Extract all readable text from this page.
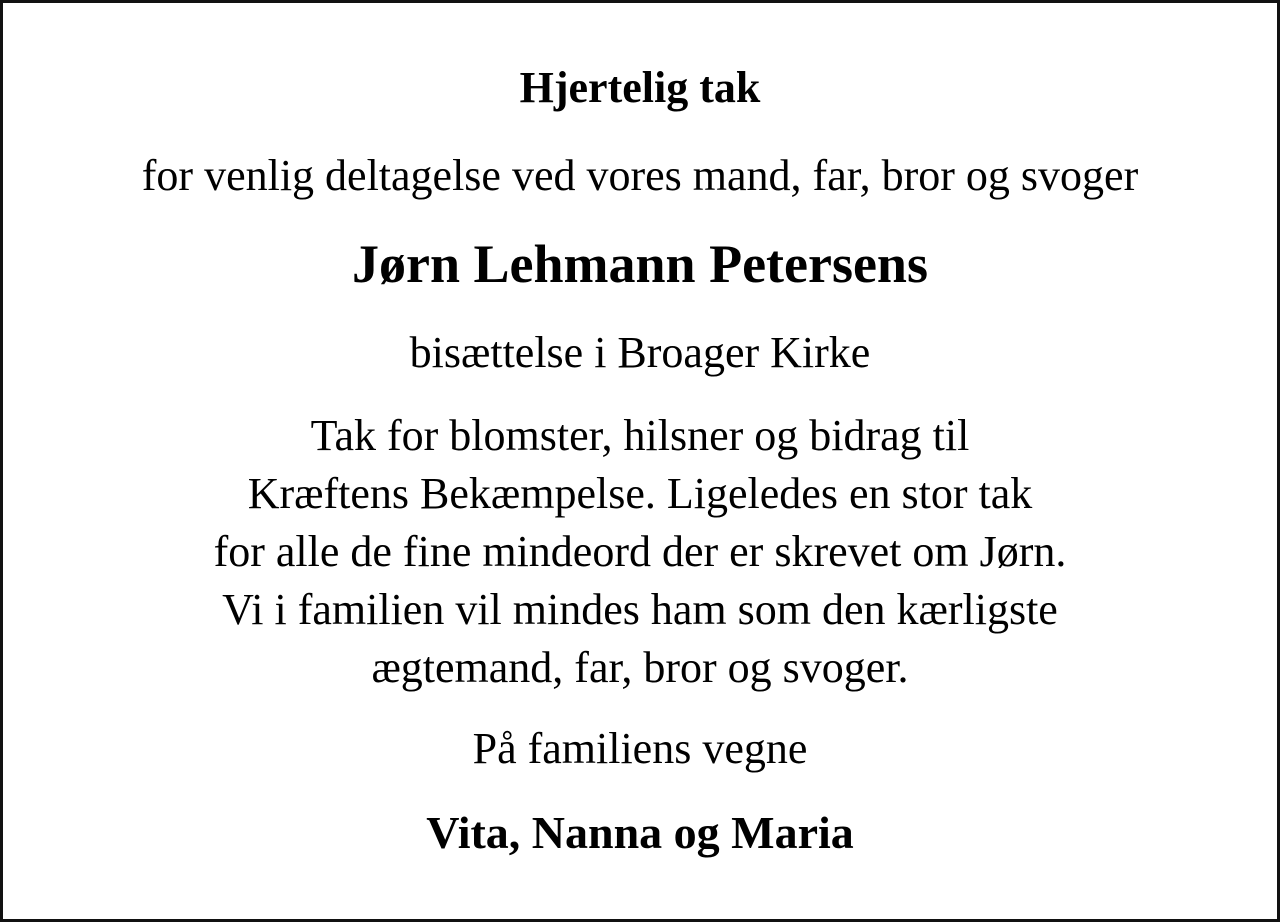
Hjertelig tak
for venlig deltagelse ved vores mand, far, bror og svoger
Jørn Lehmann Petersens
bisættelse i Broager Kirke
Tak for blomster, hilsner og bidrag til
Kræftens Bekæmpelse. Ligeledes en stor tak
for alle de fine mindeord der er skrevet om Jørn.
Vi i familien vil mindes ham som den kærligste
ægtemand, far, bror og svoger.
På familiens vegne
Vita, Nanna og Maria
